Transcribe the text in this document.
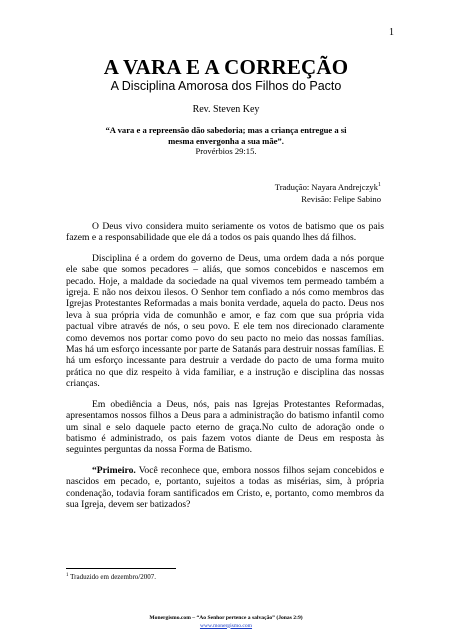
1
A VARA E A CORREÇÃO
A Disciplina Amorosa dos Filhos do Pacto
Rev. Steven Key
“A vara e a repreensão dão sabedoria; mas a criança entregue a si mesma envergonha a sua mãe”.
Provérbios 29:15.
Tradução: Nayara Andrejczyk$^1$
Revisão: Felipe Sabino

O Deus vivo considera muito seriamente os votos de batismo que os pais fazem e a responsabilidade que ele dá a todos os pais quando lhes dá filhos.

Disciplina é a ordem do governo de Deus, uma ordem dada a nós porque ele sabe que somos pecadores – aliás, que somos concebidos e nascemos em pecado. Hoje, a maldade da sociedade na qual vivemos tem permeado também a igreja. E não nos deixou ilesos. O Senhor tem confiado a nós como membros das Igrejas Protestantes Reformadas a mais bonita verdade, aquela do pacto. Deus nos leva à sua própria vida de comunhão e amor, e faz com que sua própria vida pactual vibre através de nós, o seu povo. E ele tem nos direcionado claramente como devemos nos portar como povo do seu pacto no meio das nossas famílias. Mas há um esforço incessante por parte de Satanás para destruir nossas famílias. E há um esforço incessante para destruir a verdade do pacto de uma forma muito prática no que diz respeito à vida familiar, e a instrução e disciplina das nossas crianças.

Em obediência a Deus, nós, pais nas Igrejas Protestantes Reformadas, apresentamos nossos filhos a Deus para a administração do batismo infantil como um sinal e selo daquele pacto eterno de graça.No culto de adoração onde o batismo é administrado, os pais fazem votos diante de Deus em resposta às seguintes perguntas da nossa Forma de Batismo.

“Primeiro. Você reconhece que, embora nossos filhos sejam concebidos e nascidos em pecado, e, portanto, sujeitos a todas as misérias, sim, à própria condenação, todavia foram santificados em Cristo, e, portanto, como membros da sua Igreja, devem ser batizados?

$^1$ Traduzido em dezembro/2007.
Monergismo.com – “Ao Senhor pertence a salvação” (Jonas 2:9)
www.monergismo.com
